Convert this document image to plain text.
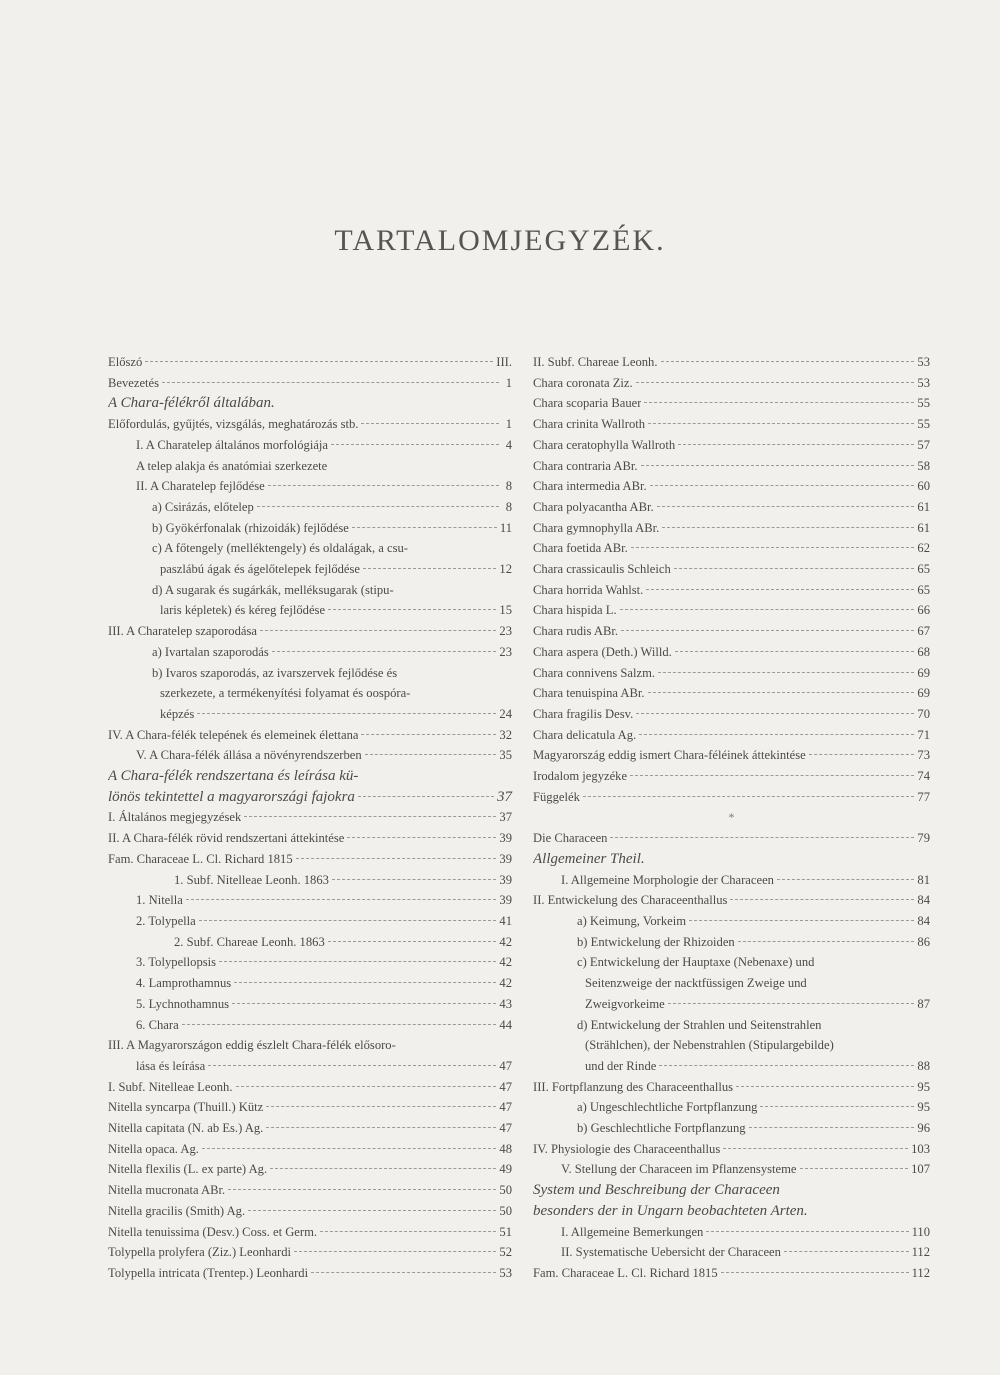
TARTALOMJEGYZÉK.
Előszó	III.
Bevezetés	1
A Chara-félékről általában.
Előfordulás, gyűjtés, vizsgálás, meghatározás stb.	1
I. A Charatelep általános morfológiája	4
A telep alakja és anatómiai szerkezete
II. A Charatelep fejlődése	8
a) Csirázás, előtelep	8
b) Gyökérfonalak (rhizoidák) fejlődése	11
c) A főtengely (melléktengely) és oldalágak, a csu-
paszlábú ágak és ágelőtelepek fejlődése	12
d) A sugarak és sugárkák, melléksugarak (stipu-
laris képletek) és kéreg fejlődése	15
III. A Charatelep szaporodása	23
a) Ivartalan szaporodás	23
b) Ivaros szaporodás, az ivarszervek fejlődése és
szerkezete, a termékenyítési folyamat és oospóra-
képzés	24
IV. A Chara-félék telepének és elemeinek élettana	32
V. A Chara-félék állása a növényrendszerben	35
A Chara-félék rendszertana és leírása kü-
lönös tekintettel a magyarországi fajokra	37
I. Általános megjegyzések	37
II. A Chara-félék rövid rendszertani áttekintése	39
Fam. Characeae L. Cl. Richard 1815	39
1. Subf. Nitelleae Leonh. 1863	39
1. Nitella	39
2. Tolypella	41
2. Subf. Chareae Leonh. 1863	42
3. Tolypellopsis	42
4. Lamprothamnus	42
5. Lychnothamnus	43
6. Chara	44
III. A Magyarországon eddig észlelt Chara-félék elősoro-
lása és leírása	47
I. Subf. Nitelleae Leonh.	47
Nitella syncarpa (Thuill.) Kütz	47
Nitella capitata (N. ab Es.) Ag.	47
Nitella opaca. Ag.	48
Nitella flexilis (L. ex parte) Ag.	49
Nitella mucronata ABr.	50
Nitella gracilis (Smith) Ag.	50
Nitella tenuissima (Desv.) Coss. et Germ.	51
Tolypella prolyfera (Ziz.) Leonhardi	52
Tolypella intricata (Trentep.) Leonhardi	53
II. Subf. Chareae Leonh.	53
Chara coronata Ziz.	53
Chara scoparia Bauer	55
Chara crinita Wallroth	55
Chara ceratophylla Wallroth	57
Chara contraria ABr.	58
Chara intermedia ABr.	60
Chara polyacantha ABr.	61
Chara gymnophylla ABr.	61
Chara foetida ABr.	62
Chara crassicaulis Schleich	65
Chara horrida Wahlst.	65
Chara hispida L.	66
Chara rudis ABr.	67
Chara aspera (Deth.) Willd.	68
Chara connivens Salzm.	69
Chara tenuispina ABr.	69
Chara fragilis Desv.	70
Chara delicatula Ag.	71
Magyarország eddig ismert Chara-féléinek áttekintése	73
Irodalom jegyzéke	74
Függelék	77
*
Die Characeen	79
Allgemeiner Theil.
I. Allgemeine Morphologie der Characeen	81
II. Entwickelung des Characeenthallus	84
a) Keimung, Vorkeim	84
b) Entwickelung der Rhizoiden	86
c) Entwickelung der Hauptaxe (Nebenaxe) und
Seitenzweige der nacktfüssigen Zweige und
Zweigvorkeime	87
d) Entwickelung der Strahlen und Seitenstrahlen
(Strählchen), der Nebenstrahlen (Stipulargebilde)
und der Rinde	88
III. Fortpflanzung des Characeenthallus	95
a) Ungeschlechtliche Fortpflanzung	95
b) Geschlechtliche Fortpflanzung	96
IV. Physiologie des Characeenthallus	103
V. Stellung der Characeen im Pflanzensysteme	107
System und Beschreibung der Characeen
besonders der in Ungarn beobachteten Arten.
I. Allgemeine Bemerkungen	110
II. Systematische Uebersicht der Characeen	112
Fam. Characeae L. Cl. Richard 1815	112
